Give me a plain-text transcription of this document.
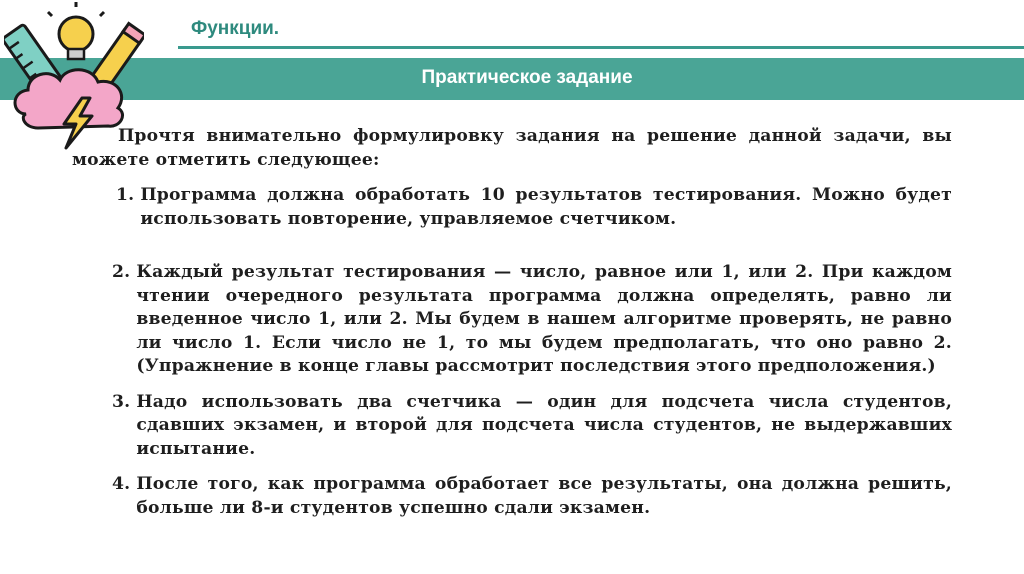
Функции.
Практическое задание

Прочтя внимательно формулировку задания на решение данной задачи, вы можете отметить следующее:

1. Программа должна обработать 10 результатов тестирования. Можно будет использовать повторение, управляемое счетчиком.
2. Каждый результат тестирования — число, равное или 1, или 2. При каждом чтении очередного результата программа должна определять, равно ли введенное число 1, или 2. Мы будем в нашем алгоритме проверять, не равно ли число 1. Если число не 1, то мы будем предполагать, что оно равно 2. (Упражнение в конце главы рассмотрит последствия этого предположения.)
3. Надо использовать два счетчика — один для подсчета числа студентов, сдавших экзамен, и второй для подсчета числа студентов, не выдержавших испытание.
4. После того, как программа обработает все результаты, она должна решить, больше ли 8-и студентов успешно сдали экзамен.
